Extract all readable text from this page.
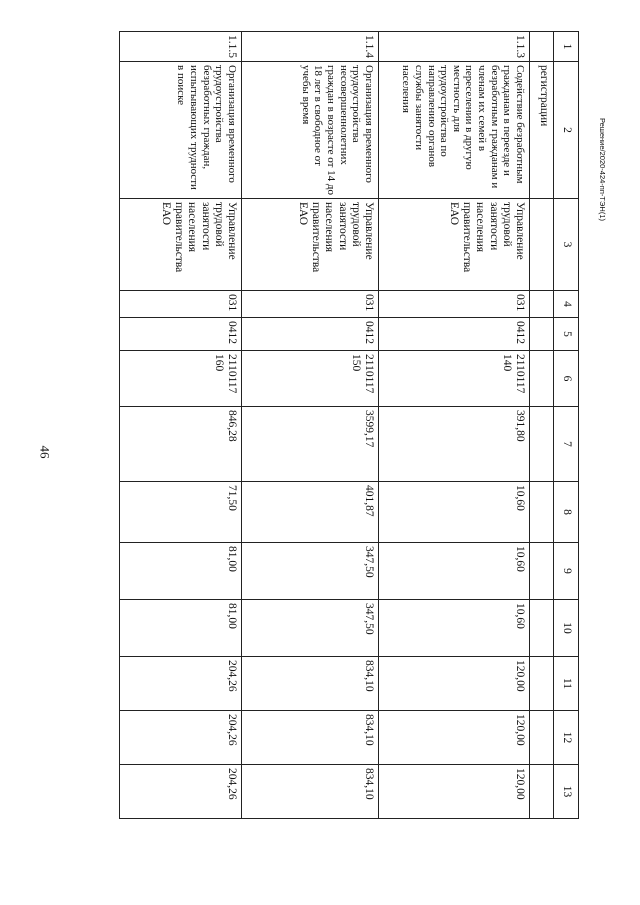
46
Решение/2020-424-пп-ТЭН(1)
1	2	3	4	5	6	7	8	9	10	11	12	13
	регистрации											
1.1.3	Содействие безработным гражданам в переезде и безработным гражданам и членам их семей в переселении в другую местность для трудоустройства по направлению органов службы занятости населения	Управление трудовой занятости населения правительства ЕАО	031	0412	2110117 140	391,80	10,60	10,60	10,60	120,00	120,00	120,00
1.1.4	Организация временного трудоустройства несовершеннолетних граждан в возрасте от 14 до 18 лет в свободное от учебы время	Управление трудовой занятости населения правительства ЕАО	031	0412	2110117 150	3599,17	401,87	347,50	347,50	834,10	834,10	834,10
1.1.5	Организация временного трудоустройства безработных граждан, испытывающих трудности в поиске	Управление трудовой занятости населения правительства ЕАО	031	0412	2110117 160	846,28	71,50	81,00	81,00	204,26	204,26	204,26
